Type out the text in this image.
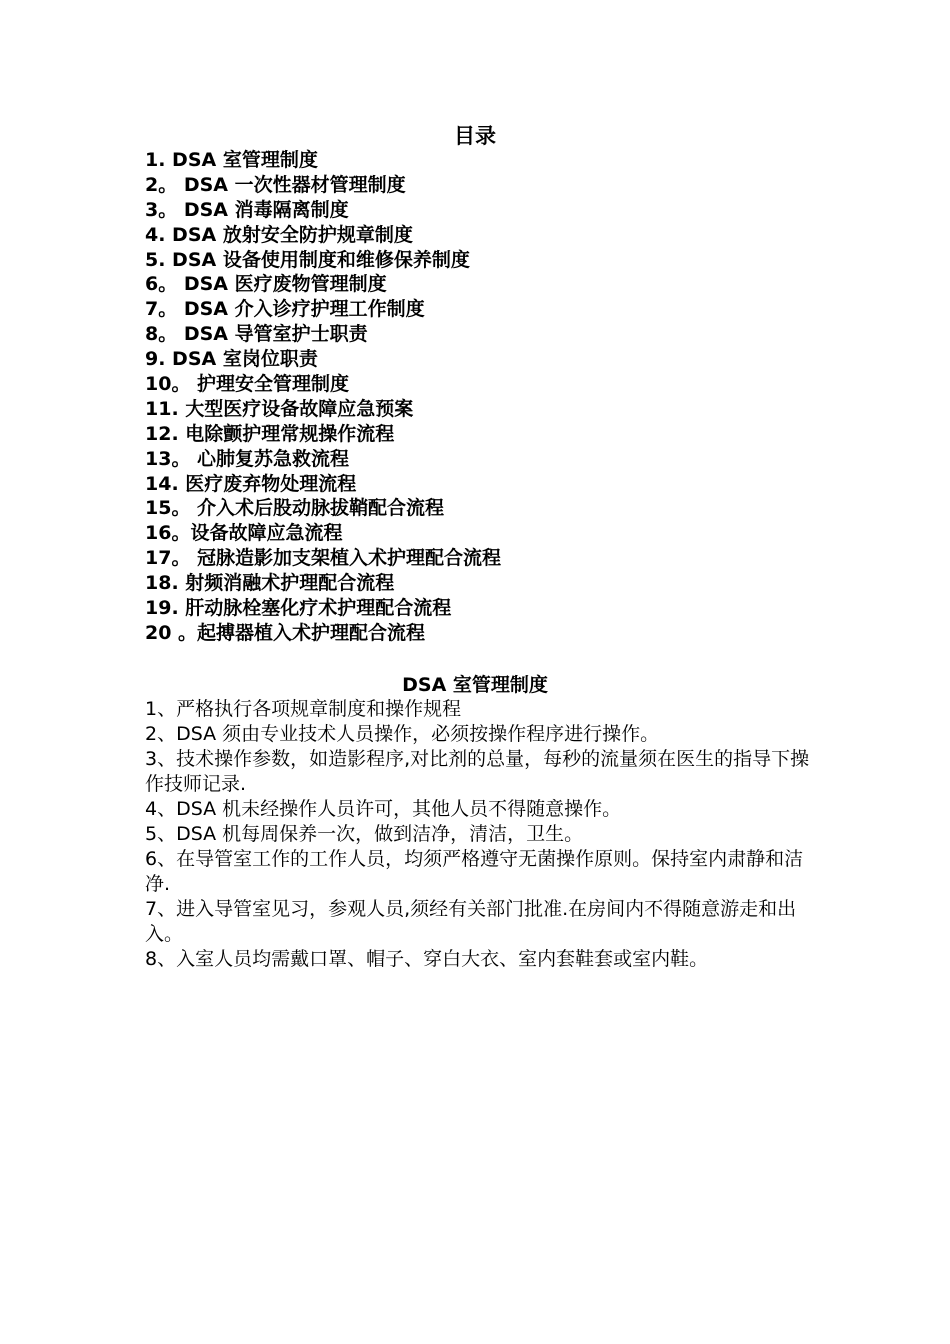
目录
1. DSA 室管理制度
2。 DSA 一次性器材管理制度
3。 DSA 消毒隔离制度
4. DSA 放射安全防护规章制度
5. DSA 设备使用制度和维修保养制度
6。 DSA 医疗废物管理制度
7。 DSA 介入诊疗护理工作制度
8。 DSA 导管室护士职责
9. DSA 室岗位职责
10。 护理安全管理制度
11. 大型医疗设备故障应急预案
12. 电除颤护理常规操作流程
13。 心肺复苏急救流程
14. 医疗废弃物处理流程
15。 介入术后股动脉拔鞘配合流程
16。设备故障应急流程
17。 冠脉造影加支架植入术护理配合流程
18. 射频消融术护理配合流程
19. 肝动脉栓塞化疗术护理配合流程
20 。起搏器植入术护理配合流程
DSA 室管理制度

1、严格执行各项规章制度和操作规程

2、DSA 须由专业技术人员操作，必须按操作程序进行操作。

3、技术操作参数，如造影程序,对比剂的总量，每秒的流量须在医生的指导下操作技师记录.

4、DSA 机未经操作人员许可，其他人员不得随意操作。

5、DSA 机每周保养一次，做到洁净，清洁，卫生。

6、在导管室工作的工作人员，均须严格遵守无菌操作原则。保持室内肃静和洁净.

7、进入导管室见习，参观人员,须经有关部门批准.在房间内不得随意游走和出入。

8、入室人员均需戴口罩、帽子、穿白大衣、室内套鞋套或室内鞋。
